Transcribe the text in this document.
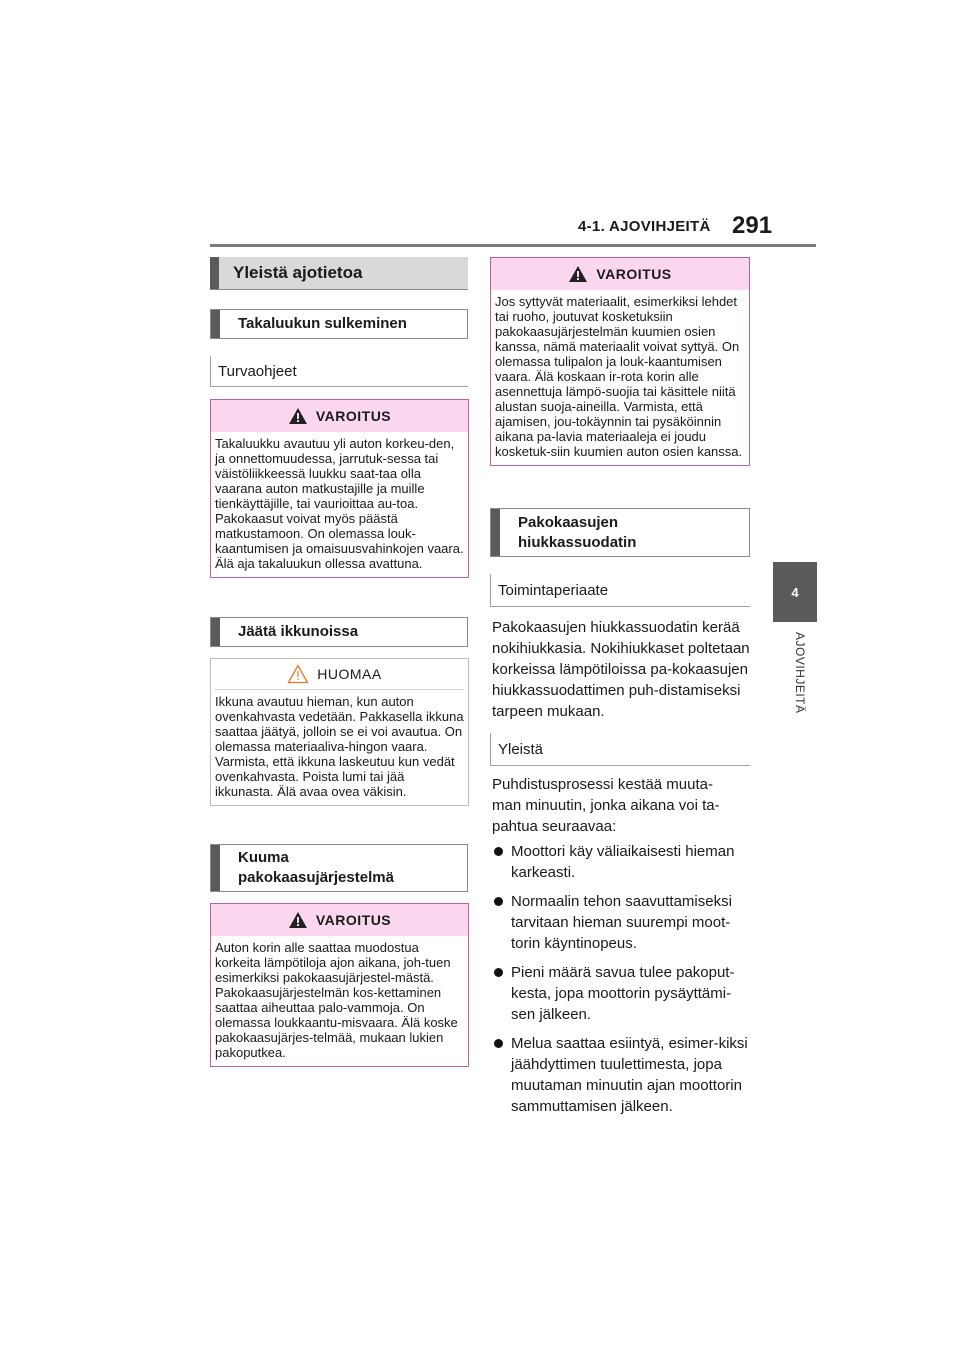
4-1. AJOVIHJEITÄ 291
4
AJOVIHJEITÄ
Yleistä ajotietoa
Takaluukun sulkeminen
Turvaohjeet
VAROITUS
Takaluukku avautuu yli auton korkeu-den, ja onnettomuudessa, jarrutuk-sessa tai väistöliikkeessä luukku saat-taa olla vaarana auton matkustajille ja muille tienkäyttäjille, tai vaurioittaa au-toa. Pakokaasut voivat myös päästä matkustamoon. On olemassa louk-kaantumisen ja omaisuusvahinkojen vaara. Älä aja takaluukun ollessa avattuna.
Jäätä ikkunoissa
HUOMAA
Ikkuna avautuu hieman, kun auton ovenkahvasta vedetään. Pakkasella ikkuna saattaa jäätyä, jolloin se ei voi avautua. On olemassa materiaaliva-hingon vaara. Varmista, että ikkuna laskeutuu kun vedät ovenkahvasta. Poista lumi tai jää ikkunasta. Älä avaa ovea väkisin.
Kuuma pakokaasujärjestelmä
VAROITUS
Auton korin alle saattaa muodostua korkeita lämpötiloja ajon aikana, joh-tuen esimerkiksi pakokaasujärjestel-mästä. Pakokaasujärjestelmän kos-kettaminen saattaa aiheuttaa palo-vammoja. On olemassa loukkaantu-misvaara. Älä koske pakokaasujärjes-telmää, mukaan lukien pakoputkea.
VAROITUS
Jos syttyvät materiaalit, esimerkiksi lehdet tai ruoho, joutuvat kosketuksiin pakokaasujärjestelmän kuumien osien kanssa, nämä materiaalit voivat syttyä. On olemassa tulipalon ja louk-kaantumisen vaara. Älä koskaan ir-rota korin alle asennettuja lämpö-suojia tai käsittele niitä alustan suoja-aineilla. Varmista, että ajamisen, jou-tokäynnin tai pysäköinnin aikana pa-lavia materiaaleja ei joudu kosketuk-siin kuumien auton osien kanssa.
Pakokaasujen hiukkassuodatin
Toimintaperiaate
Pakokaasujen hiukkassuodatin kerää nokihiukkasia. Nokihiukkaset poltetaan korkeissa lämpötiloissa pa-kokaasujen hiukkassuodattimen puh-distamiseksi tarpeen mukaan.
Yleistä
Puhdistusprosessi kestää muuta-man minuutin, jonka aikana voi ta-pahtua seuraavaa:
Moottori käy väliaikaisesti hieman karkeasti.
Normaalin tehon saavuttamiseksi tarvitaan hieman suurempi moot-torin käyntinopeus.
Pieni määrä savua tulee pakoput-kesta, jopa moottorin pysäyttämi-sen jälkeen.
Melua saattaa esiintyä, esimer-kiksi jäähdyttimen tuulettimesta, jopa muutaman minuutin ajan moottorin sammuttamisen jälkeen.
